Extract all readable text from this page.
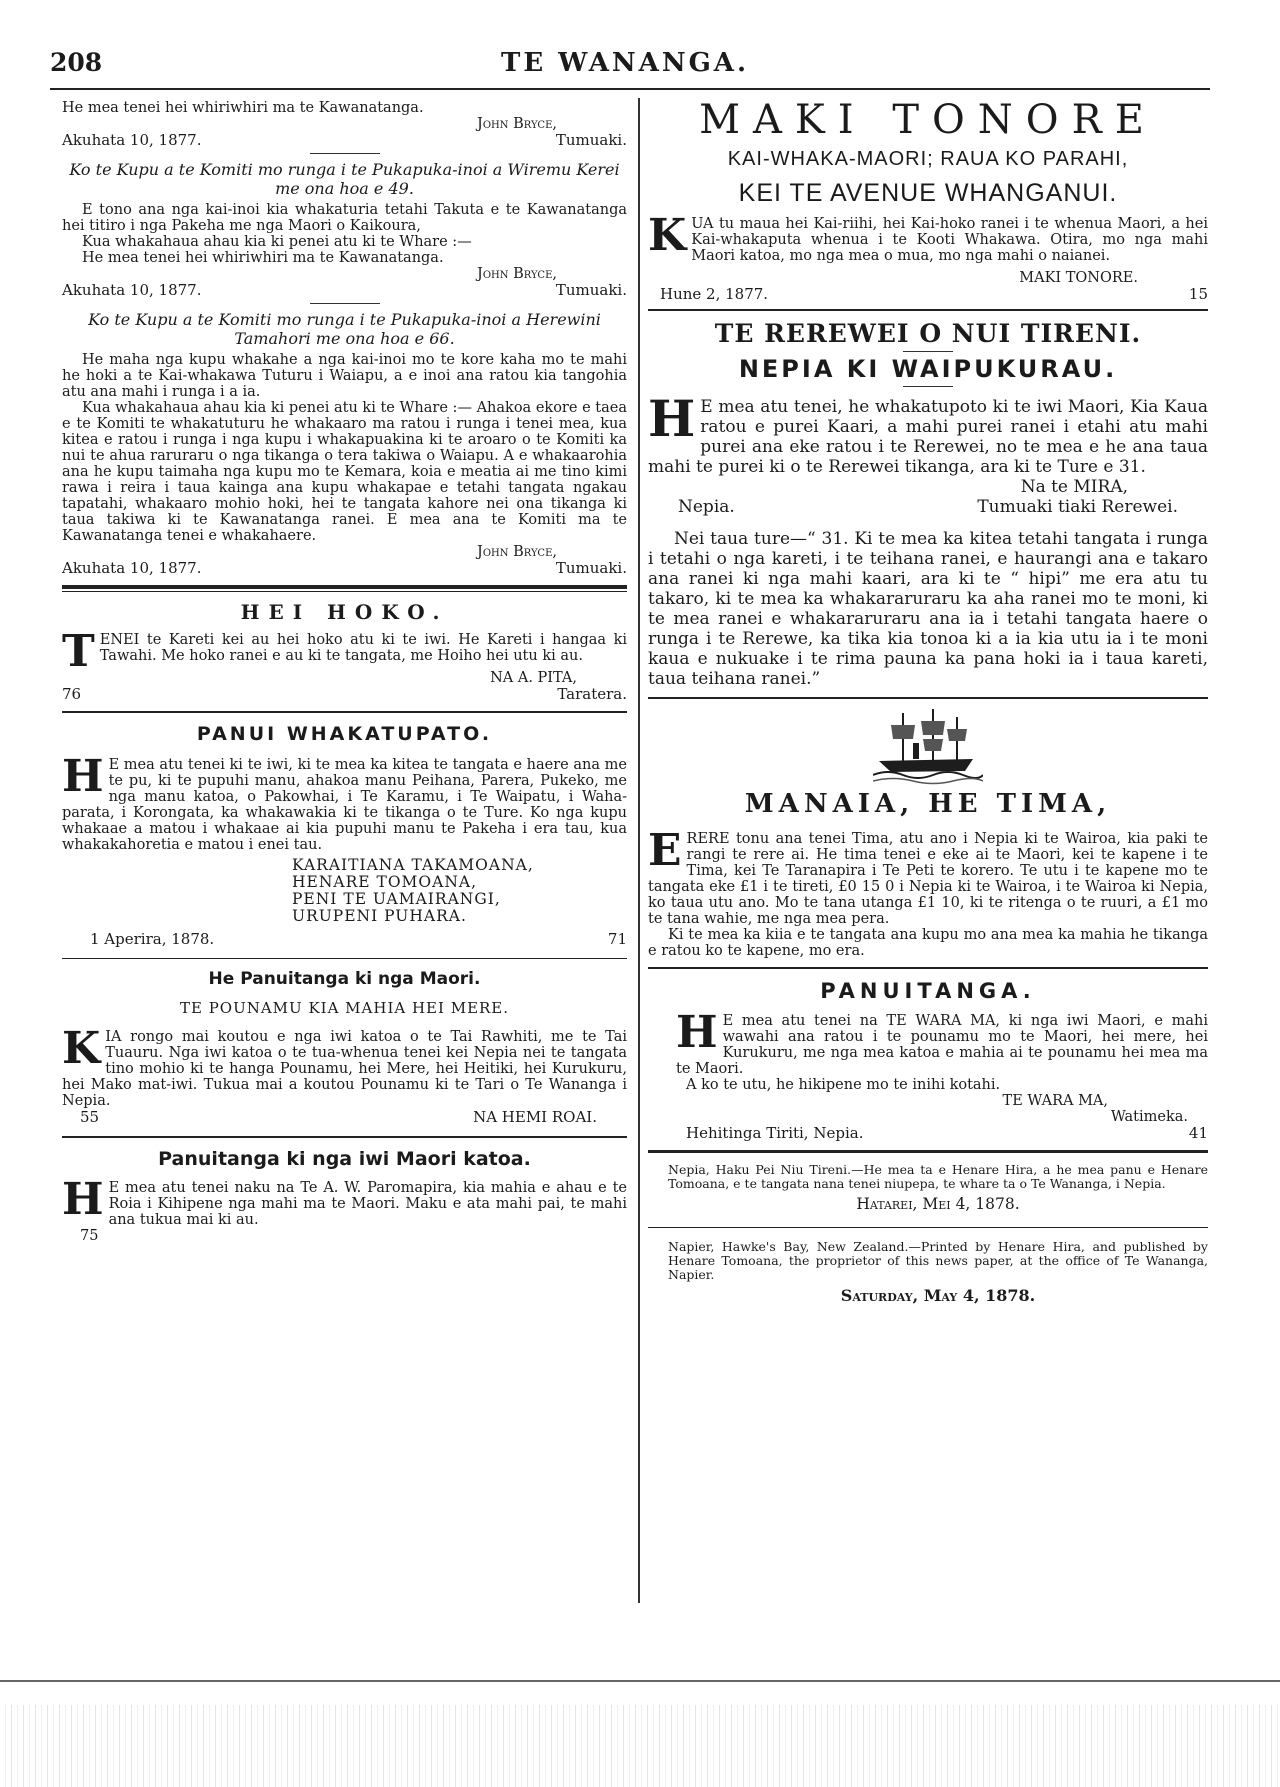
208	TE WANANGA.

He mea tenei hei whiriwhiri ma te Kawanatanga.

John Bryce,

Akuhata 10, 1877.	Tumuaki.

Ko te Kupu a te Komiti mo runga i te Pukapuka-inoi a Wiremu Kerei me ona hoa e 49.

E tono ana nga kai-inoi kia whakaturia tetahi Takuta e te Kawanatanga hei titiro i nga Pakeha me nga Maori o Kaikoura,

Kua whakahaua ahau kia ki penei atu ki te Whare :—

He mea tenei hei whiriwhiri ma te Kawanatanga.

John Bryce,

Akuhata 10, 1877.	Tumuaki.

Ko te Kupu a te Komiti mo runga i te Pukapuka-inoi a Herewini Tamahori me ona hoa e 66.

He maha nga kupu whakahe a nga kai-inoi mo te kore kaha mo te mahi he hoki a te Kai-whakawa Tuturu i Waiapu, a e inoi ana ratou kia tangohia atu ana mahi i runga i a ia.

Kua whakahaua ahau kia ki penei atu ki te Whare :— Ahakoa ekore e taea e te Komiti te whakatuturu he whakaaro ma ratou i runga i tenei mea, kua kitea e ratou i runga i nga kupu i whakapuakina ki te aroaro o te Komiti ka nui te ahua raruraru o nga tikanga o tera takiwa o Waiapu. A e whakaarohia ana he kupu taimaha nga kupu mo te Kemara, koia e meatia ai me tino kimi rawa i reira i taua kainga ana kupu whakapae e tetahi tangata ngakau tapatahi, whakaaro mohio hoki, hei te tangata kahore nei ona tikanga ki taua takiwa ki te Kawanatanga ranei. E mea ana te Komiti ma te Kawanatanga tenei e whakahaere.

John Bryce,

Akuhata 10, 1877.	Tumuaki.
HEI HOKO.

TENEI te Kareti kei au hei hoko atu ki te iwi. He Kareti i hangaa ki Tawahi. Me hoko ranei e au ki te tangata, me Hoiho hei utu ki au.

NA A. PITA,

76	Taratera.
PANUI WHAKATUPATO.

H E mea atu tenei ki te iwi, ki te mea ka kitea te tangata e haere ana me te pu, ki te pupuhi manu, ahakoa manu Peihana, Parera, Pukeko, me nga manu katoa, o Pakowhai, i Te Karamu, i Te Waipatu, i Waha-parata, i Korongata, ka whakawakia ki te tikanga o te Ture. Ko nga kupu whakaae a matou i whakaae ai kia pupuhi manu te Pakeha i era tau, kua whakakahoretia e matou i enei tau.

KARAITIANA TAKAMOANA,

HENARE TOMOANA,

PENI TE UAMAIRANGI,

URUPENI PUHARA.

1 Aperira, 1878.	71
He Panuitanga ki nga Maori.
TE POUNAMU KIA MAHIA HEI MERE.

KIA rongo mai koutou e nga iwi katoa o te Tai Rawhiti, me te Tai Tuauru. Nga iwi katoa o te tua-whenua tenei kei Nepia nei te tangata tino mohio ki te hanga Pounamu, hei Mere, hei Heitiki, hei Kurukuru, hei Mako mat-iwi. Tukua mai a koutou Pounamu ki te Tari o Te Wananga i Nepia.

55	NA HEMI ROAI.
Panuitanga ki nga iwi Maori katoa.

H E mea atu tenei naku na Te A. W. Paromapira, kia mahia e ahau e te Roia i Kihipene nga mahi ma te Maori. Maku e ata mahi pai, te mahi ana tukua mai ki au.

75

MAKI TONORE
KAI-WHAKA-MAORI; RAUA KO PARAHI,
KEI TE AVENUE WHANGANUI.

KUA tu maua hei Kai-riihi, hei Kai-hoko ranei i te whenua Maori, a hei Kai-whakaputa whenua i te Kooti Whakawa. Otira, mo nga mahi Maori katoa, mo nga mea o mua, mo nga mahi o naianei.

MAKI TONORE.

Hune 2, 1877.	15
TE REREWEI O NUI TIRENI.
NEPIA KI WAIPUKURAU.

H E mea atu tenei, he whakatupoto ki te iwi Maori, Kia Kaua ratou e purei Kaari, a mahi purei ranei i etahi atu mahi purei ana eke ratou i te Rerewei, no te mea e he ana taua mahi te purei ki o te Rerewei tikanga, ara ki te Ture e 31.

Na te MIRA,

Nepia.	Tumuaki tiaki Rerewei.

Nei taua ture—“ 31. Ki te mea ka kitea tetahi tangata i runga i tetahi o nga kareti, i te teihana ranei, e haurangi ana e takaro ana ranei ki nga mahi kaari, ara ki te “ hipi” me era atu tu takaro, ki te mea ka whakararuraru ka aha ranei mo te moni, ki te mea ranei e whakararuraru ana ia i tetahi tangata haere o runga i te Rerewe, ka tika kia tonoa ki a ia kia utu ia i te moni kaua e nukuake i te rima pauna ka pana hoki ia i taua kareti, taua teihana ranei.”

MANAIA, HE TIMA,

ERERE tonu ana tenei Tima, atu ano i Nepia ki te Wairoa, kia paki te rangi te rere ai. He tima tenei e eke ai te Maori, kei te kapene i te Tima, kei Te Taranapira i Te Peti te korero. Te utu i te kapene mo te tangata eke £1 i te tireti, £0 15 0 i Nepia ki te Wairoa, i te Wairoa ki Nepia, ko taua utu ano. Mo te tana utanga £1 10, ki te ritenga o te ruuri, a £1 mo te tana wahie, me nga mea pera.

Ki te mea ka kiia e te tangata ana kupu mo ana mea ka mahia he tikanga e ratou ko te kapene, mo era.

PANUITANGA.

H E mea atu tenei na TE WARA MA, ki nga iwi Maori, e mahi wawahi ana ratou i te pounamu mo te Maori, hei mere, hei Kurukuru, me nga mea katoa e mahia ai te pounamu hei mea ma te Maori.

A ko te utu, he hikipene mo te inihi kotahi.

TE WARA MA,

Watimeka.

Hehitinga Tiriti, Nepia.	41

Nepia, Haku Pei Niu Tireni.—He mea ta e Henare Hira, a he mea panu e Henare Tomoana, e te tangata nana tenei niupepa, te whare ta o Te Wananga, i Nepia.

Hatarei, Mei 4, 1878.

Napier, Hawke's Bay, New Zealand.—Printed by Henare Hira, and published by Henare Tomoana, the proprietor of this news paper, at the office of Te Wananga, Napier.

Saturday, May 4, 1878.
